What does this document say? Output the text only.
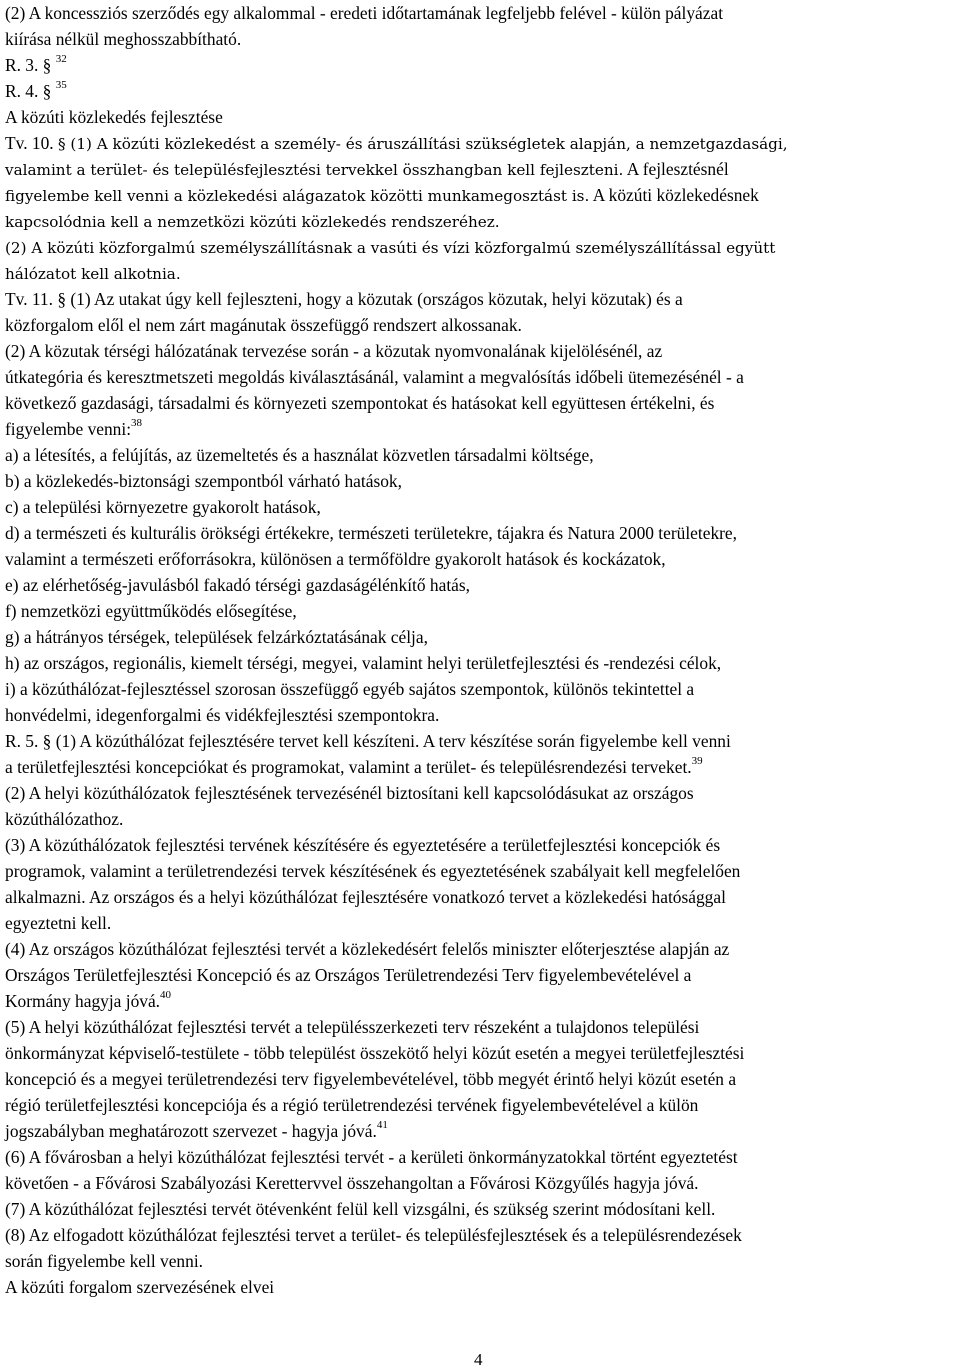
(2) A koncessziós szerződés egy alkalommal - eredeti időtartamának legfeljebb felével - külön pályázat
kiírása nélkül meghosszabbítható.
R. 3. § $^{32}$
R. 4. § $^{35}$
A közúti közlekedés fejlesztése
Tv. 10. § (1) A közúti közlekedést a személy- és áruszállítási szükségletek alapján, a nemzetgazdasági,
valamint a terület- és településfejlesztési tervekkel összhangban kell fejleszteni. A fejlesztésnél
figyelembe kell venni a közlekedési alágazatok közötti munkamegosztást is. A közúti közlekedésnek
kapcsolódnia kell a nemzetközi közúti közlekedés rendszeréhez.
(2) A közúti közforgalmú személyszállításnak a vasúti és vízi közforgalmú személyszállítással együtt
hálózatot kell alkotnia.
Tv. 11. § (1) Az utakat úgy kell fejleszteni, hogy a közutak (országos közutak, helyi közutak) és a
közforgalom elől el nem zárt magánutak összefüggő rendszert alkossanak.
(2) A közutak térségi hálózatának tervezése során - a közutak nyomvonalának kijelölésénél, az
útkategória és keresztmetszeti megoldás kiválasztásánál, valamint a megvalósítás időbeli ütemezésénél - a
következő gazdasági, társadalmi és környezeti szempontokat és hatásokat kell együttesen értékelni, és
figyelembe venni:$^{38}$
a) a létesítés, a felújítás, az üzemeltetés és a használat közvetlen társadalmi költsége,
b) a közlekedés-biztonsági szempontból várható hatások,
c) a települési környezetre gyakorolt hatások,
d) a természeti és kulturális örökségi értékekre, természeti területekre, tájakra és Natura 2000 területekre,
valamint a természeti erőforrásokra, különösen a termőföldre gyakorolt hatások és kockázatok,
e) az elérhetőség-javulásból fakadó térségi gazdaságélénkítő hatás,
f) nemzetközi együttműködés elősegítése,
g) a hátrányos térségek, települések felzárkóztatásának célja,
h) az országos, regionális, kiemelt térségi, megyei, valamint helyi területfejlesztési és -rendezési célok,
i) a közúthálózat-fejlesztéssel szorosan összefüggő egyéb sajátos szempontok, különös tekintettel a
honvédelmi, idegenforgalmi és vidékfejlesztési szempontokra.
R. 5. § (1) A közúthálózat fejlesztésére tervet kell készíteni. A terv készítése során figyelembe kell venni
a területfejlesztési koncepciókat és programokat, valamint a terület- és településrendezési terveket.$^{39}$
(2) A helyi közúthálózatok fejlesztésének tervezésénél biztosítani kell kapcsolódásukat az országos
közúthálózathoz.
(3) A közúthálózatok fejlesztési tervének készítésére és egyeztetésére a területfejlesztési koncepciók és
programok, valamint a területrendezési tervek készítésének és egyeztetésének szabályait kell megfelelően
alkalmazni. Az országos és a helyi közúthálózat fejlesztésére vonatkozó tervet a közlekedési hatósággal
egyeztetni kell.
(4) Az országos közúthálózat fejlesztési tervét a közlekedésért felelős miniszter előterjesztése alapján az
Országos Területfejlesztési Koncepció és az Országos Területrendezési Terv figyelembevételével a
Kormány hagyja jóvá.$^{40}$
(5) A helyi közúthálózat fejlesztési tervét a településszerkezeti terv részeként a tulajdonos települési
önkormányzat képviselő-testülete - több települést összekötő helyi közút esetén a megyei területfejlesztési
koncepció és a megyei területrendezési terv figyelembevételével, több megyét érintő helyi közút esetén a
régió területfejlesztési koncepciója és a régió területrendezési tervének figyelembevételével a külön
jogszabályban meghatározott szervezet - hagyja jóvá.$^{41}$
(6) A fővárosban a helyi közúthálózat fejlesztési tervét - a kerületi önkormányzatokkal történt egyeztetést
követően - a Fővárosi Szabályozási Kerettervvel összehangoltan a Fővárosi Közgyűlés hagyja jóvá.
(7) A közúthálózat fejlesztési tervét ötévenként felül kell vizsgálni, és szükség szerint módosítani kell.
(8) Az elfogadott közúthálózat fejlesztési tervet a terület- és településfejlesztések és a településrendezések
során figyelembe kell venni.
A közúti forgalom szervezésének elvei
4
